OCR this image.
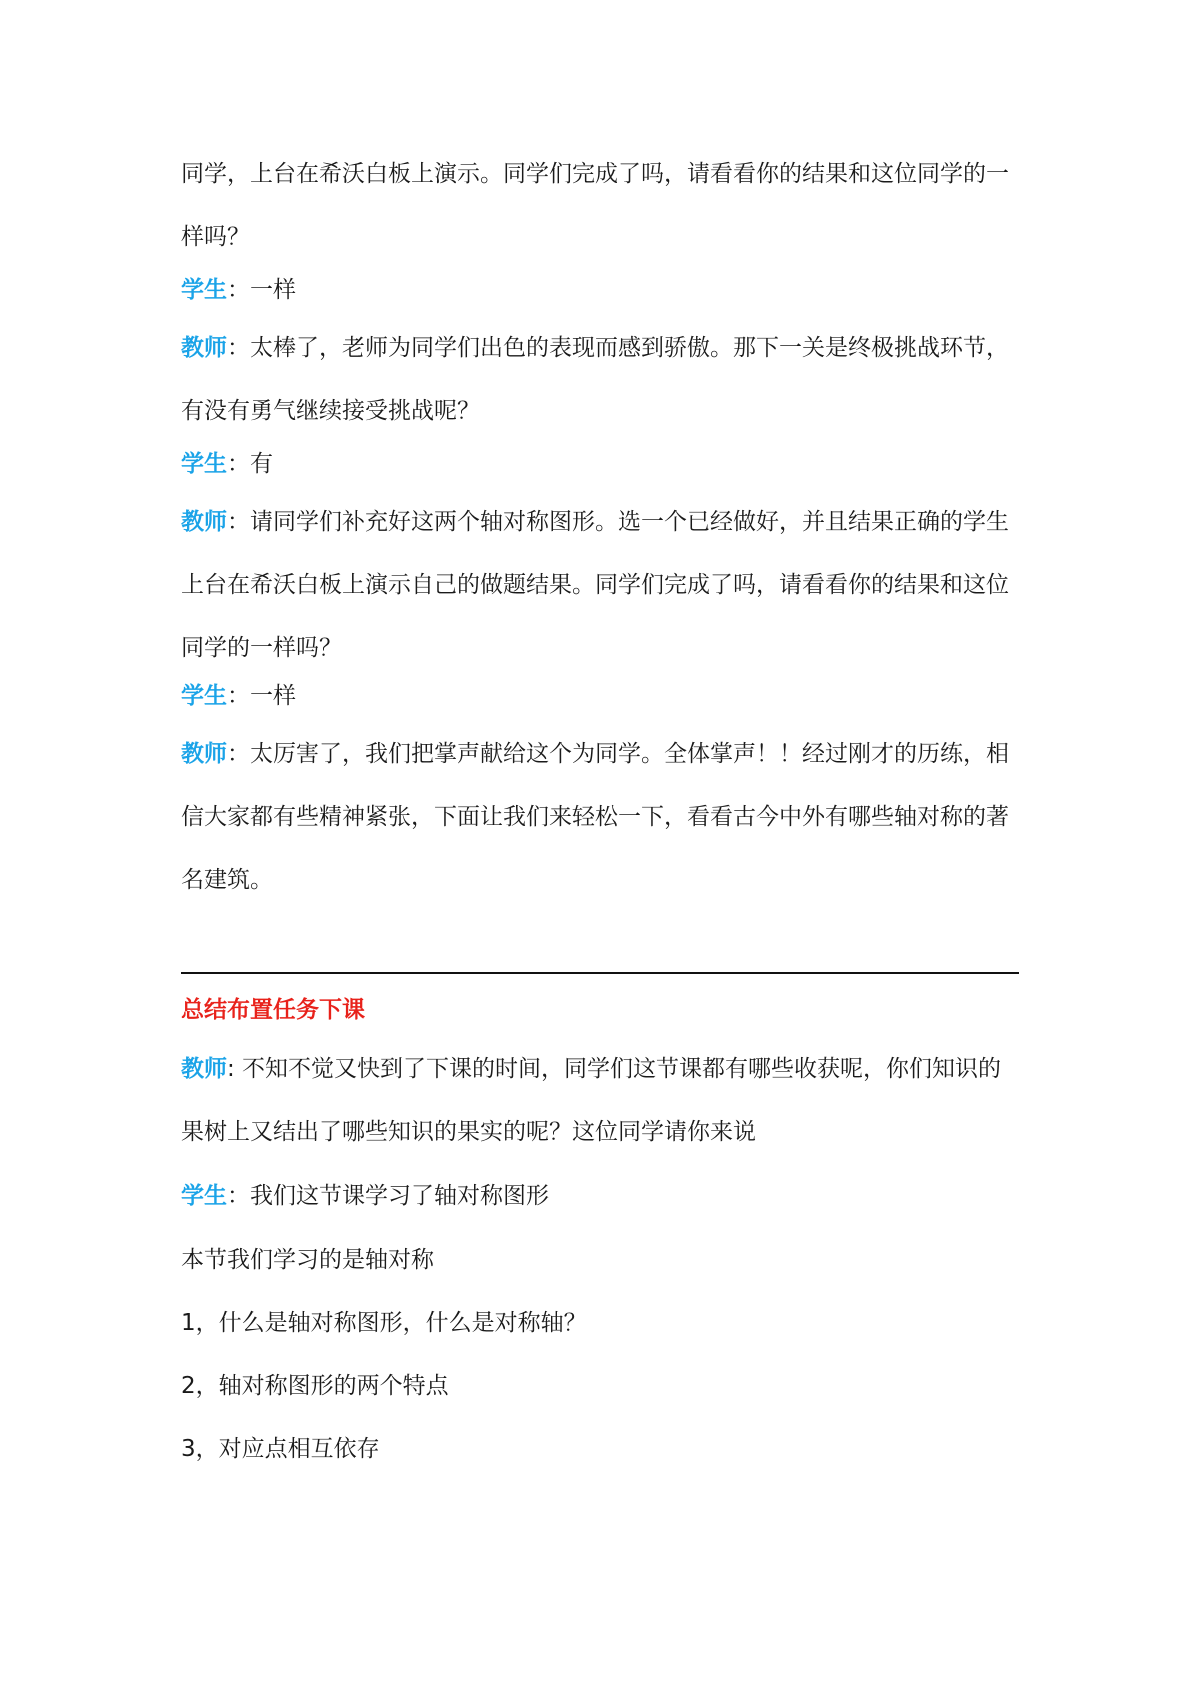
同学，上台在希沃白板上演示。同学们完成了吗，请看看你的结果和这位同学的一样吗？

学生：一样

教师：太棒了，老师为同学们出色的表现而感到骄傲。那下一关是终极挑战环节，有没有勇气继续接受挑战呢？

学生：有

教师：请同学们补充好这两个轴对称图形。选一个已经做好，并且结果正确的学生上台在希沃白板上演示自己的做题结果。同学们完成了吗，请看看你的结果和这位同学的一样吗？

学生：一样

教师：太厉害了，我们把掌声献给这个为同学。全体掌声！！经过刚才的历练，相信大家都有些精神紧张，下面让我们来轻松一下，看看古今中外有哪些轴对称的著名建筑。

总结布置任务下课

教师: 不知不觉又快到了下课的时间，同学们这节课都有哪些收获呢，你们知识的果树上又结出了哪些知识的果实的呢？这位同学请你来说

学生：我们这节课学习了轴对称图形

本节我们学习的是轴对称

1，什么是轴对称图形，什么是对称轴？

2，轴对称图形的两个特点

3，对应点相互依存
